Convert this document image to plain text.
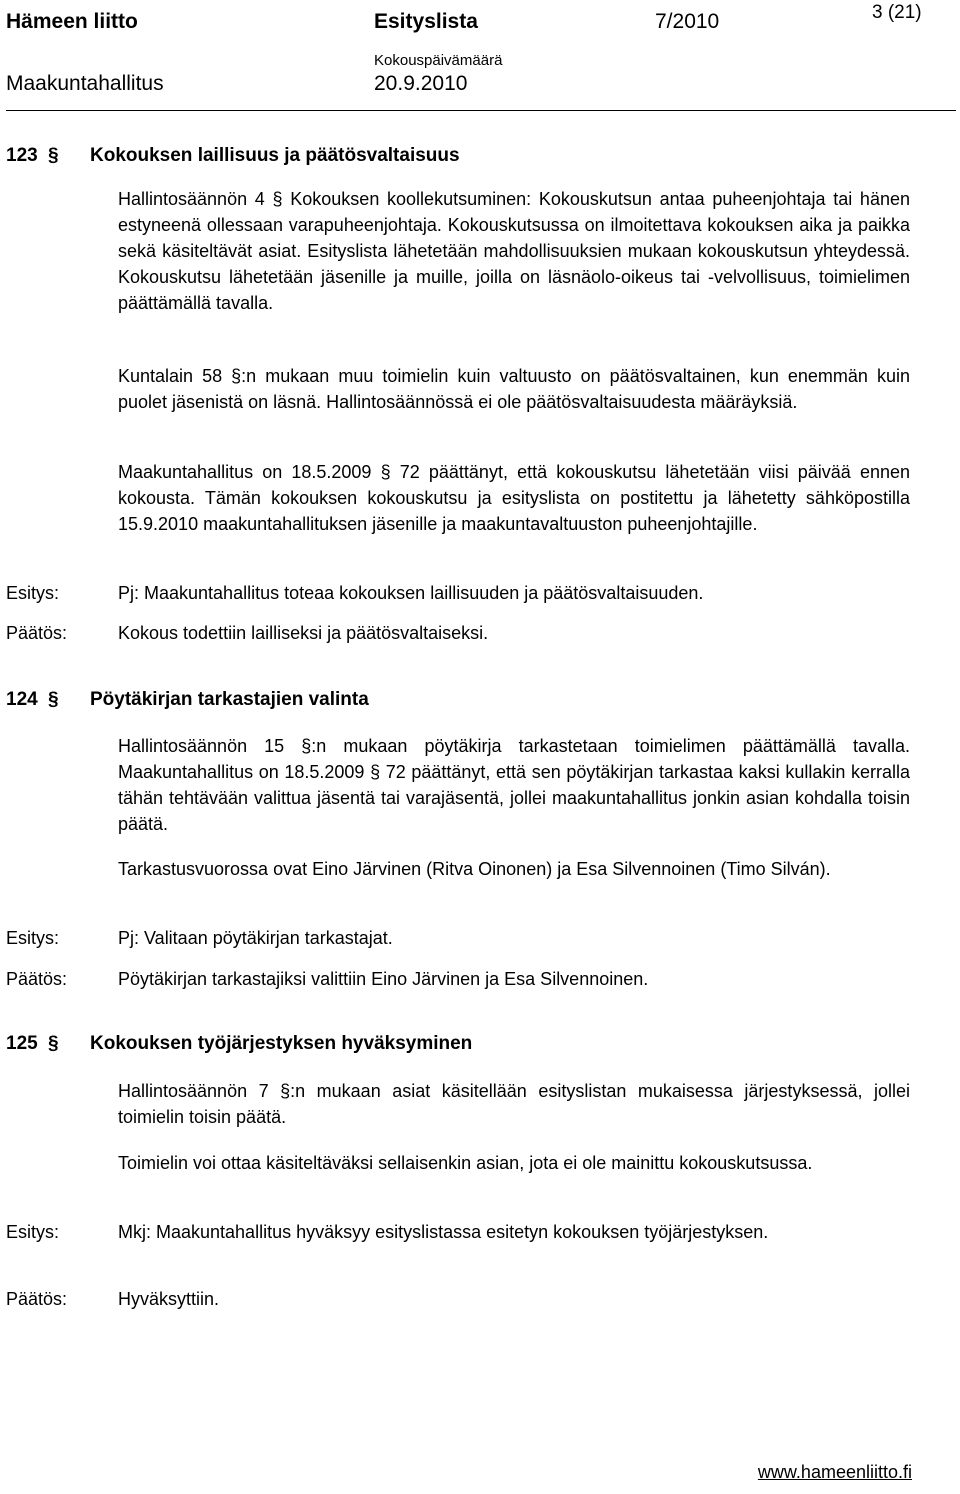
Hämeen liitto	Esityslista	7/2010	3 (21)
Maakuntahallitus
Kokouspäivämäärä
20.9.2010
123 § Kokouksen laillisuus ja päätösvaltaisuus
Hallintosäännön 4 § Kokouksen koollekutsuminen: Kokouskutsun antaa puheenjohtaja tai hänen estyneenä ollessaan varapuheenjohtaja. Kokouskutsussa on ilmoitettava kokouksen aika ja paikka sekä käsiteltävät asiat. Esityslista lähetetään mahdollisuuksien mukaan kokouskutsun yhteydessä. Kokouskutsu lähetetään jäsenille ja muille, joilla on läsnäolo-oikeus tai -velvollisuus, toimielimen päättämällä tavalla.
Kuntalain 58 §:n mukaan muu toimielin kuin valtuusto on päätösvaltainen, kun enemmän kuin puolet jäsenistä on läsnä. Hallintosäännössä ei ole päätösvaltaisuudesta määräyksiä.
Maakuntahallitus on 18.5.2009 § 72 päättänyt, että kokouskutsu lähetetään viisi päivää ennen kokousta. Tämän kokouksen kokouskutsu ja esityslista on postitettu ja lähetetty sähköpostilla 15.9.2010 maakuntahallituksen jäsenille ja maakuntavaltuuston puheenjohtajille.
Esitys:	Pj: Maakuntahallitus toteaa kokouksen laillisuuden ja päätösvaltaisuuden.
Päätös:	Kokous todettiin lailliseksi ja päätösvaltaiseksi.
124 § Pöytäkirjan tarkastajien valinta
Hallintosäännön 15 §:n mukaan pöytäkirja tarkastetaan toimielimen päättämällä tavalla. Maakuntahallitus on 18.5.2009 § 72 päättänyt, että sen pöytäkirjan tarkastaa kaksi kullakin kerralla tähän tehtävään valittua jäsentä tai varajäsentä, jollei maakuntahallitus jonkin asian kohdalla toisin päätä.
Tarkastusvuorossa ovat Eino Järvinen (Ritva Oinonen) ja Esa Silvennoinen (Timo Silván).
Esitys:	Pj: Valitaan pöytäkirjan tarkastajat.
Päätös:	Pöytäkirjan tarkastajiksi valittiin Eino Järvinen ja Esa Silvennoinen.
125 § Kokouksen työjärjestyksen hyväksyminen
Hallintosäännön 7 §:n mukaan asiat käsitellään esityslistan mukaisessa järjestyksessä, jollei toimielin toisin päätä.
Toimielin voi ottaa käsiteltäväksi sellaisenkin asian, jota ei ole mainittu kokouskutsussa.
Esitys:	Mkj: Maakuntahallitus hyväksyy esityslistassa esitetyn kokouksen työjärjestyksen.
Päätös:	Hyväksyttiin.
www.hameenliitto.fi
